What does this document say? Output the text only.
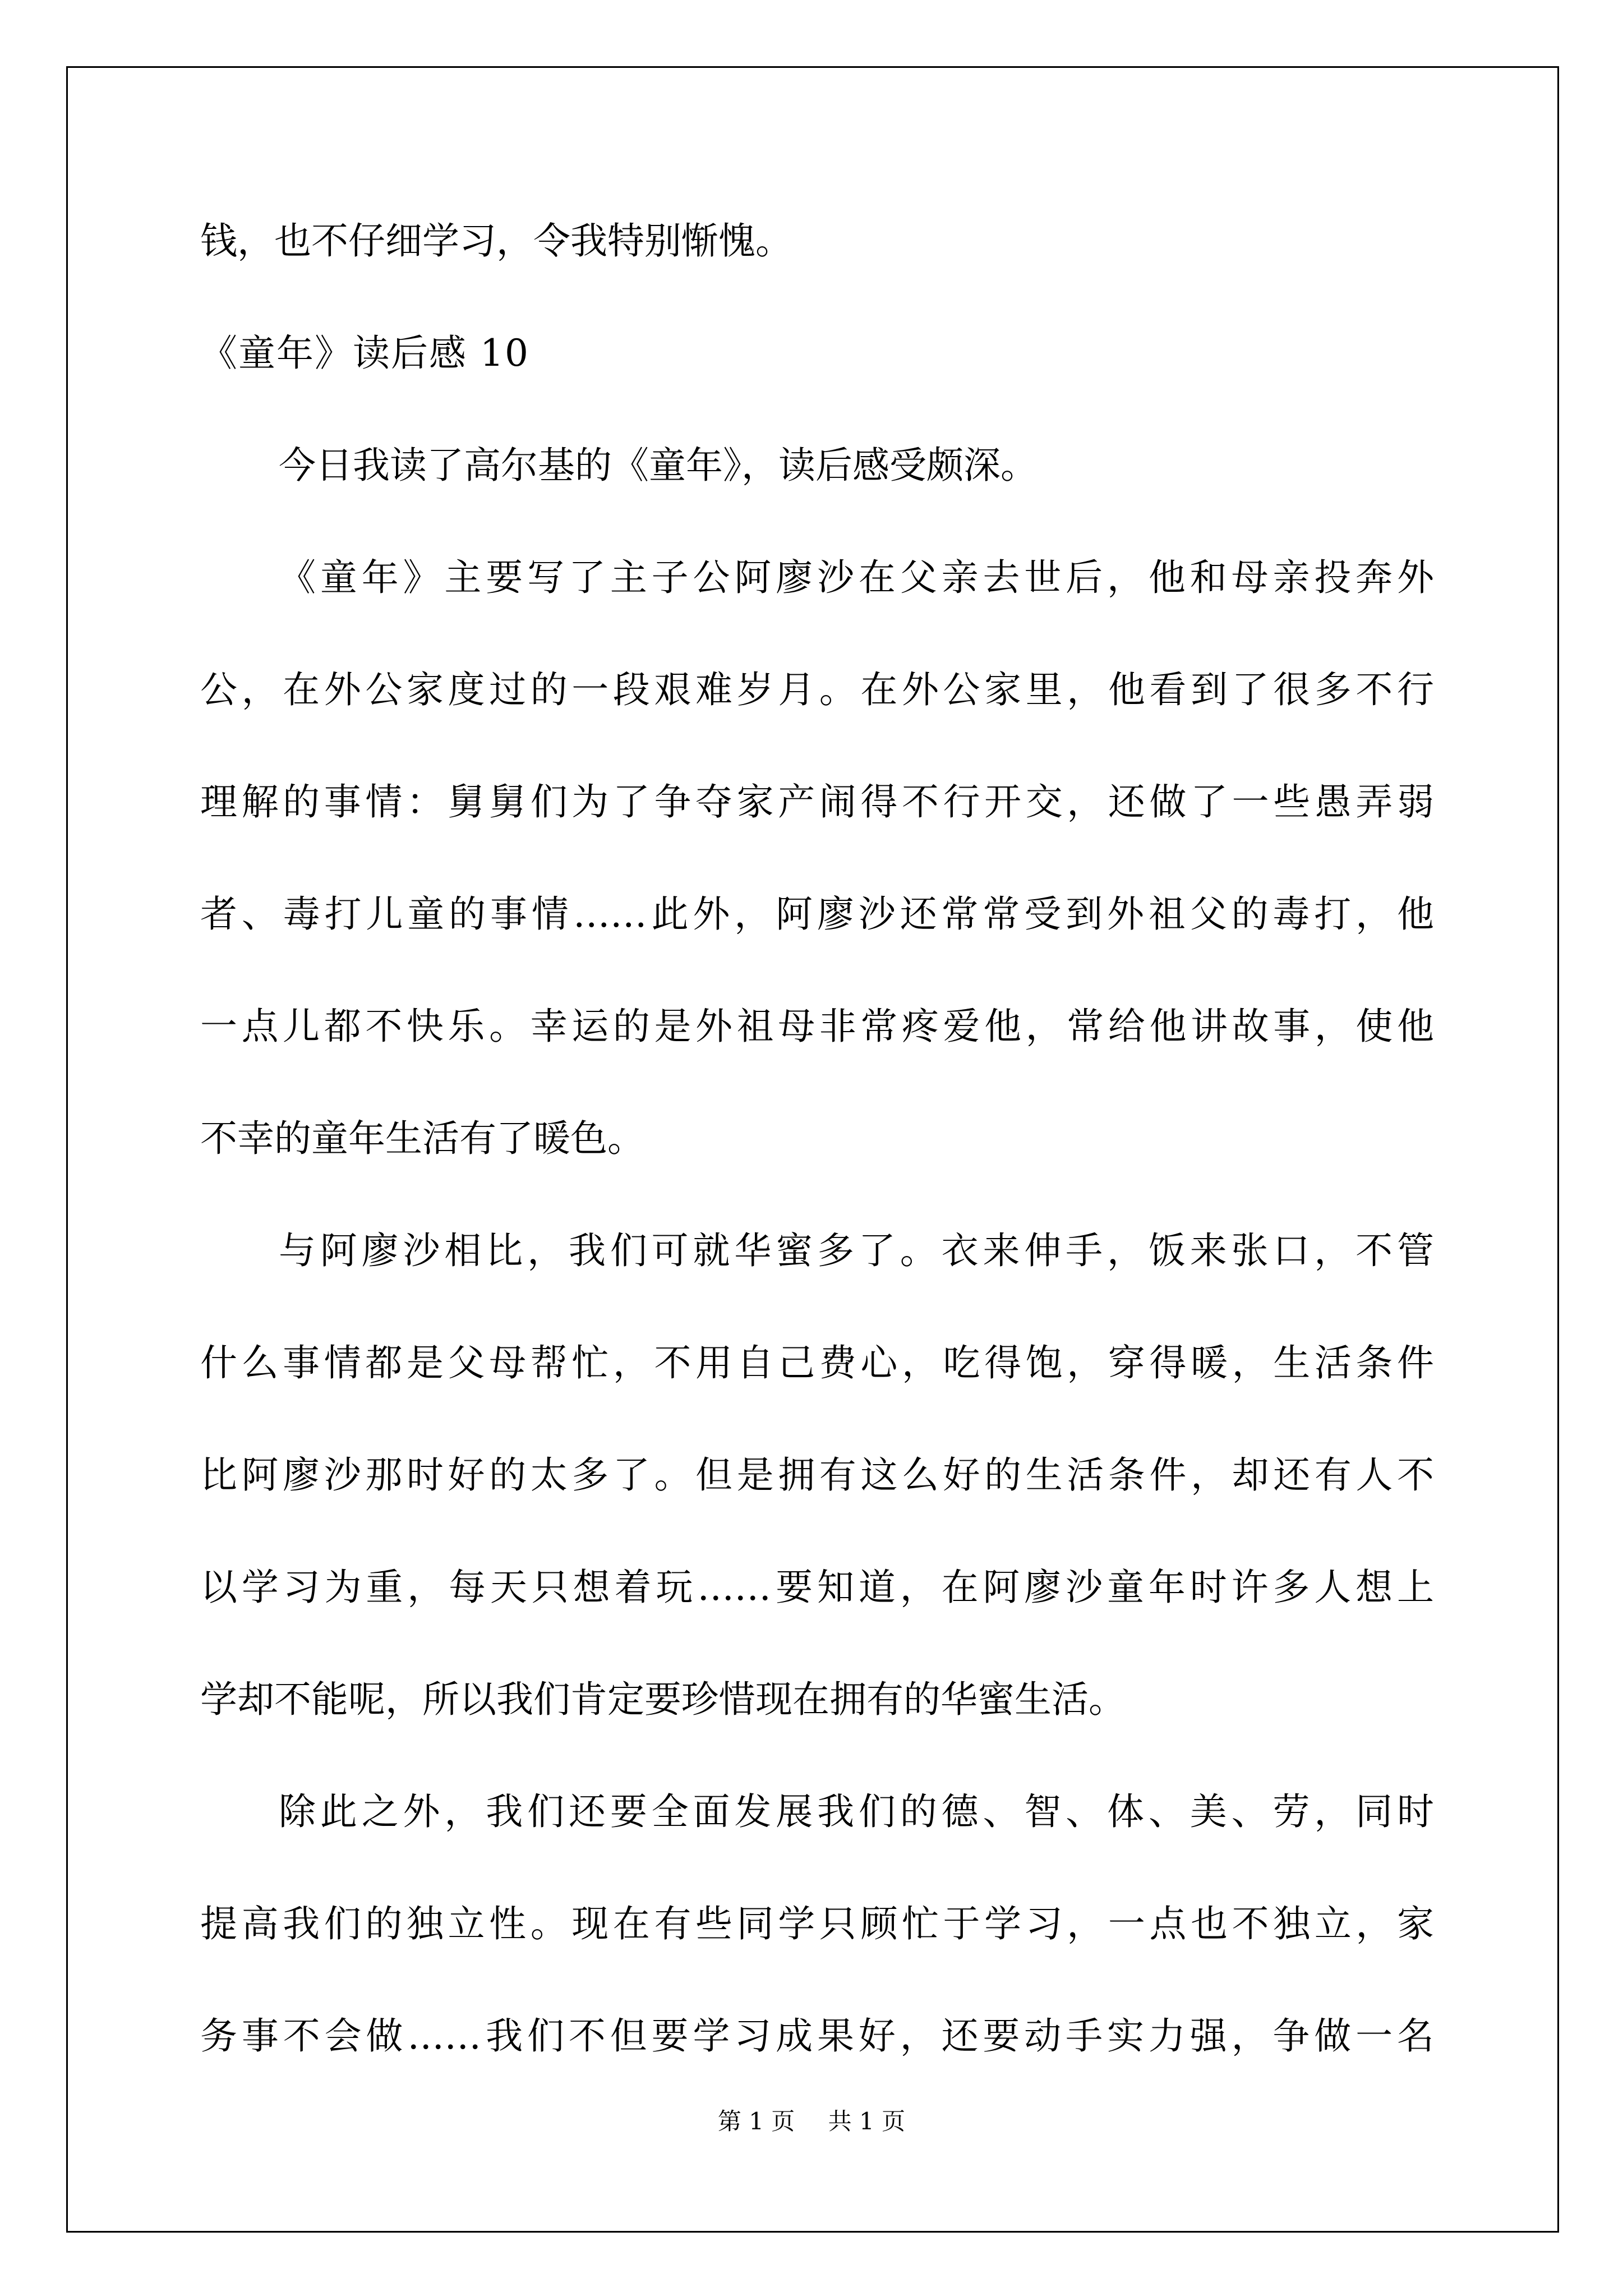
钱，也不仔细学习，令我特别惭愧。
《童年》读后感 10
今日我读了高尔基的《童年》，读后感受颇深。
《童年》主要写了主子公阿廖沙在父亲去世后，他和母亲投奔外
公，在外公家度过的一段艰难岁月。在外公家里，他看到了很多不行
理解的事情：舅舅们为了争夺家产闹得不行开交，还做了一些愚弄弱
者、毒打儿童的事情……此外，阿廖沙还常常受到外祖父的毒打，他
一点儿都不快乐。幸运的是外祖母非常疼爱他，常给他讲故事，使他
不幸的童年生活有了暖色。
与阿廖沙相比，我们可就华蜜多了。衣来伸手，饭来张口，不管
什么事情都是父母帮忙，不用自己费心，吃得饱，穿得暖，生活条件
比阿廖沙那时好的太多了。但是拥有这么好的生活条件，却还有人不
以学习为重，每天只想着玩……要知道，在阿廖沙童年时许多人想上
学却不能呢，所以我们肯定要珍惜现在拥有的华蜜生活。
除此之外，我们还要全面发展我们的德、智、体、美、劳，同时
提高我们的独立性。现在有些同学只顾忙于学习，一点也不独立，家
务事不会做……我们不但要学习成果好，还要动手实力强，争做一名
第 1 页 共 1 页
